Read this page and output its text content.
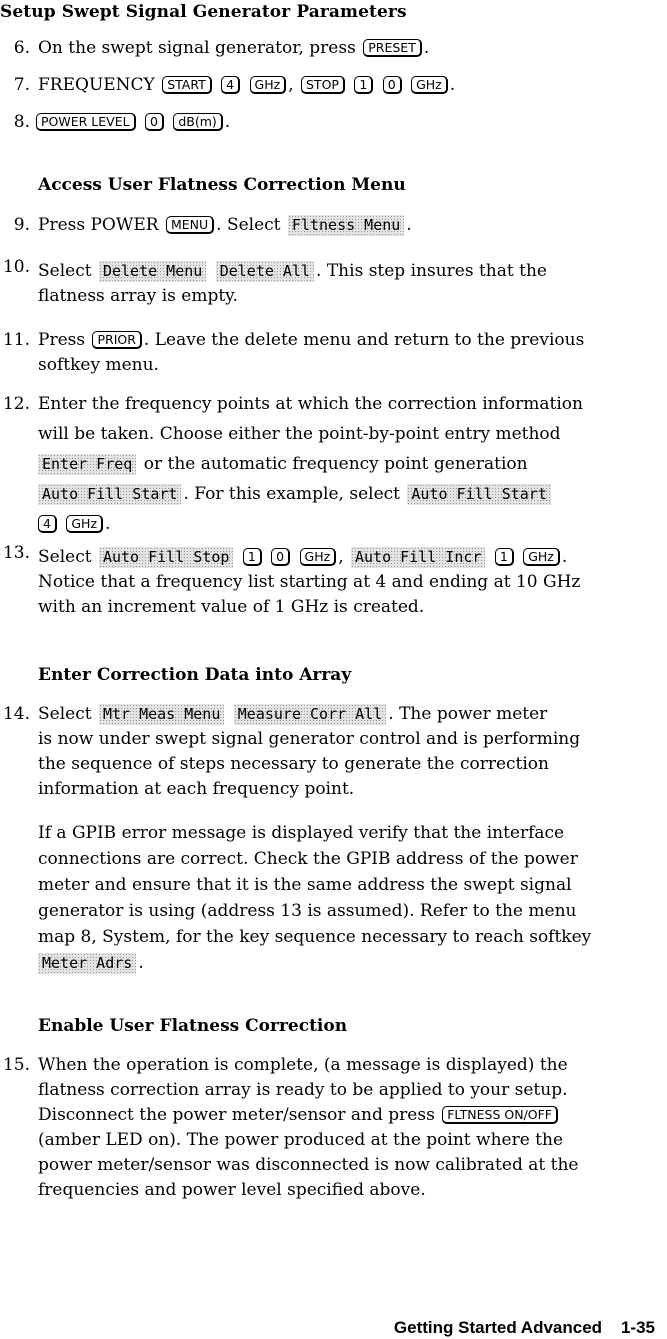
Setup Swept Signal Generator Parameters
6. On the swept signal generator, press PRESET .
7. FREQUENCY START 4 GHz , STOP 1 0 GHz .
8. POWER LEVEL 0 dB(m) .
Access User Flatness Correction Menu
9. Press POWER MENU . Select Fltness Menu .
10. Select Delete Menu Delete All . This step insures that the
flatness array is empty.
11. Press PRIOR . Leave the delete menu and return to the previous
softkey menu.
12. Enter the frequency points at which the correction information
will be taken. Choose either the point-by-point entry method
Enter Freq or the automatic frequency point generation
Auto Fill Start . For this example, select Auto Fill Start
4 GHz .
13. Select Auto Fill Stop 1 0 GHz , Auto Fill Incr 1 GHz .
Notice that a frequency list starting at 4 and ending at 10 GHz
with an increment value of 1 GHz is created.
Enter Correction Data into Array
14. Select Mtr Meas Menu Measure Corr All . The power meter
is now under swept signal generator control and is performing
the sequence of steps necessary to generate the correction
information at each frequency point.
If a GPIB error message is displayed verify that the interface
connections are correct. Check the GPIB address of the power
meter and ensure that it is the same address the swept signal
generator is using (address 13 is assumed). Refer to the menu
map 8, System, for the key sequence necessary to reach softkey
Meter Adrs .
Enable User Flatness Correction
15. When the operation is complete, (a message is displayed) the
flatness correction array is ready to be applied to your setup.
Disconnect the power meter/sensor and press FLTNESS ON/OFF
(amber LED on). The power produced at the point where the
power meter/sensor was disconnected is now calibrated at the
frequencies and power level specified above.
Getting Started Advanced 1-35
